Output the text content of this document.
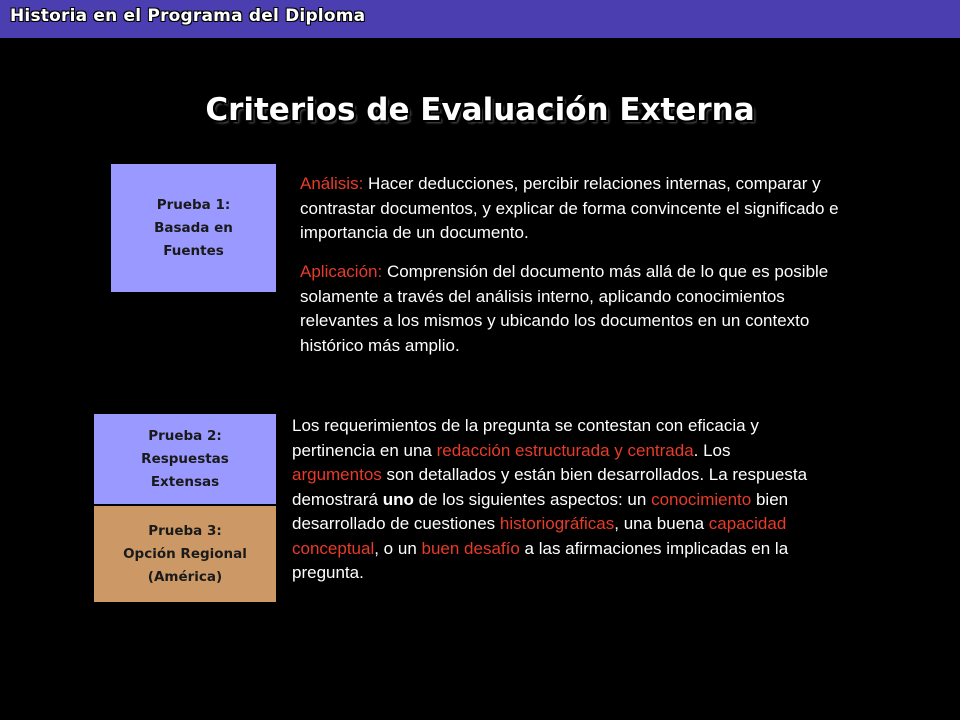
Historia en el Programa del Diploma
Criterios de Evaluación Externa
Prueba 1:
Basada en
Fuentes
Prueba 2:
Respuestas
Extensas
Prueba 3:
Opción Regional
(América)
Análisis: Hacer deducciones, percibir relaciones internas, comparar y contrastar documentos, y explicar de forma convincente el significado e importancia de un documento.
Aplicación: Comprensión del documento más allá de lo que es posible solamente a través del análisis interno, aplicando conocimientos relevantes a los mismos y ubicando los documentos en un contexto histórico más amplio.
Los requerimientos de la pregunta se contestan con eficacia y pertinencia en una redacción estructurada y centrada. Los argumentos son detallados y están bien desarrollados. La respuesta demostrará uno de los siguientes aspectos: un conocimiento bien desarrollado de cuestiones historiográficas, una buena capacidad conceptual, o un buen desafío a las afirmaciones implicadas en la pregunta.
